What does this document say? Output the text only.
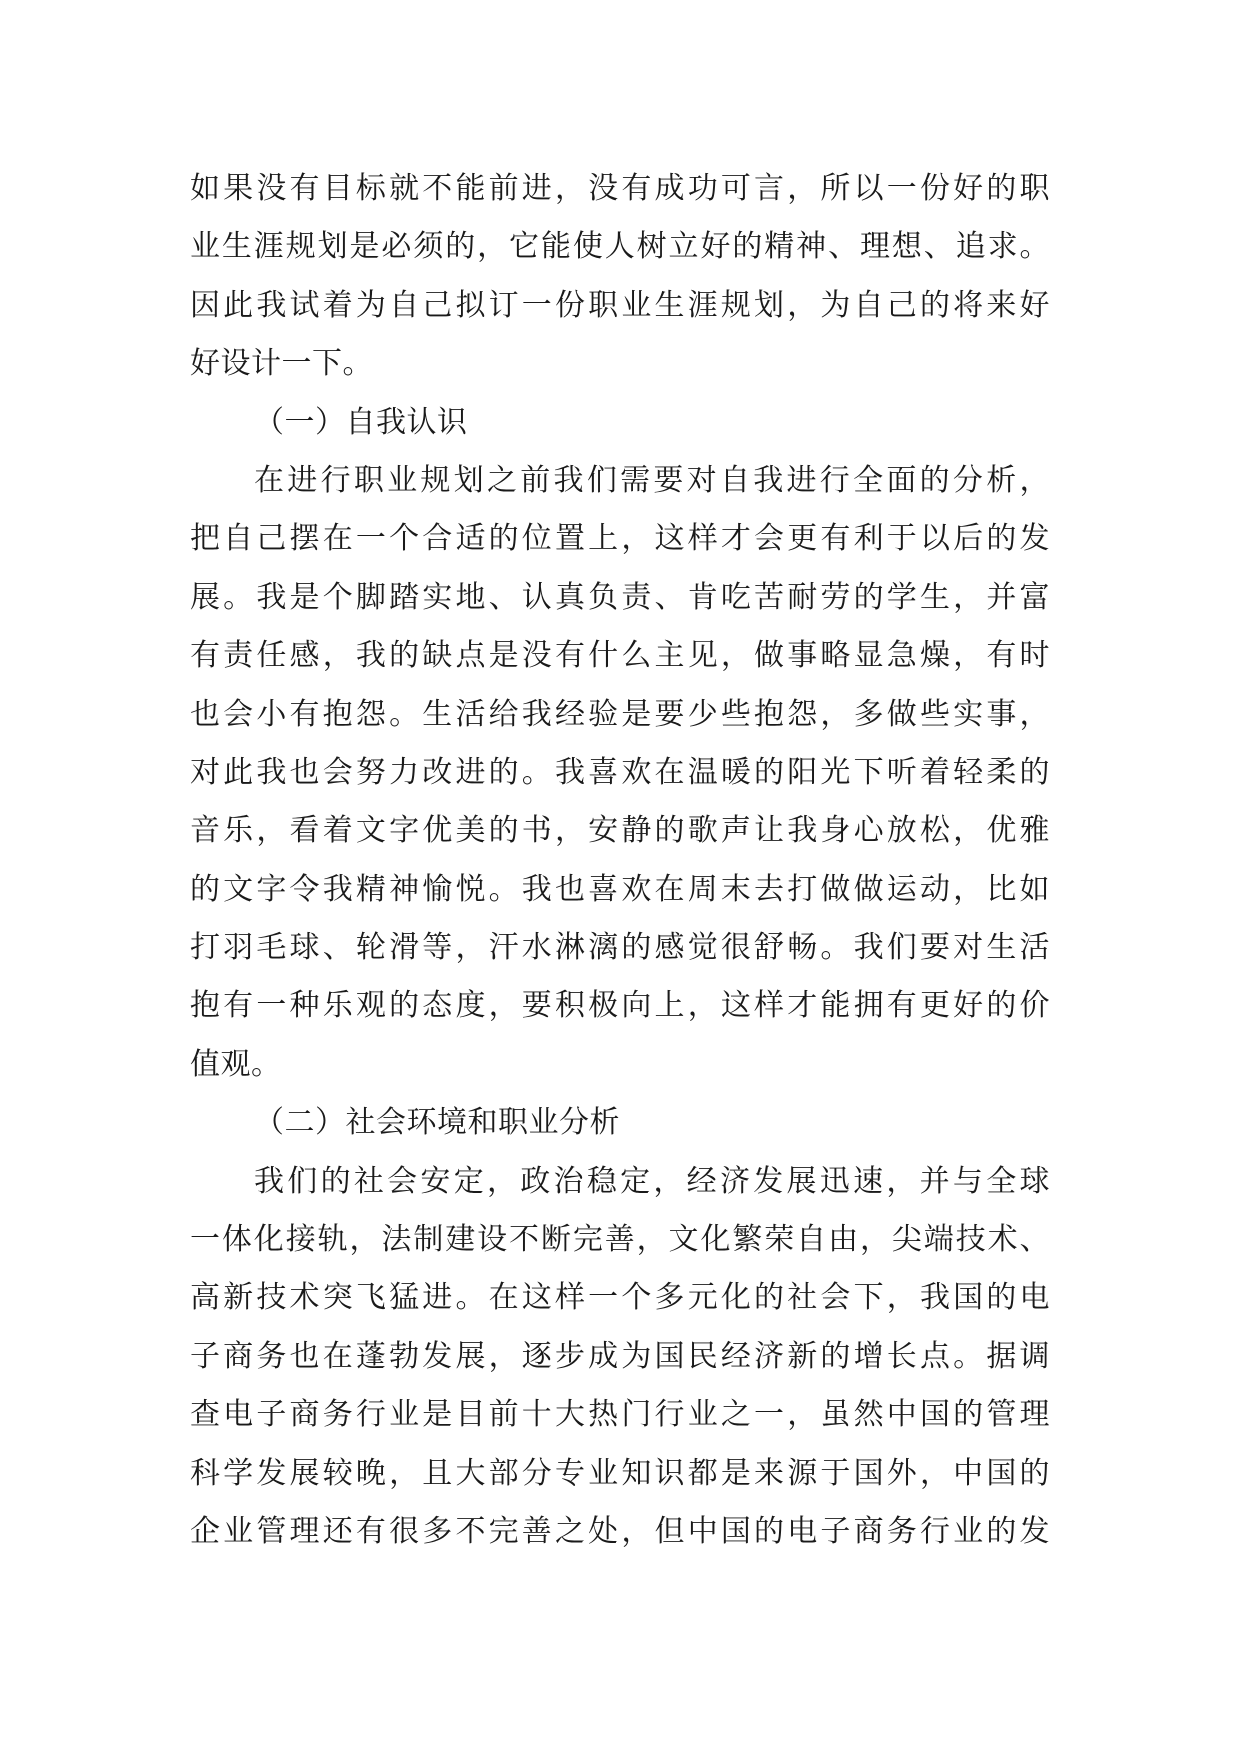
如果没有目标就不能前进，没有成功可言，所以一份好的职
业生涯规划是必须的，它能使人树立好的精神、理想、追求。
因此我试着为自己拟订一份职业生涯规划，为自己的将来好
好设计一下。
（一）自我认识
在进行职业规划之前我们需要对自我进行全面的分析，
把自己摆在一个合适的位置上，这样才会更有利于以后的发
展。我是个脚踏实地、认真负责、肯吃苦耐劳的学生，并富
有责任感，我的缺点是没有什么主见，做事略显急燥，有时
也会小有抱怨。生活给我经验是要少些抱怨，多做些实事，
对此我也会努力改进的。我喜欢在温暖的阳光下听着轻柔的
音乐，看着文字优美的书，安静的歌声让我身心放松，优雅
的文字令我精神愉悦。我也喜欢在周末去打做做运动，比如
打羽毛球、轮滑等，汗水淋漓的感觉很舒畅。我们要对生活
抱有一种乐观的态度，要积极向上，这样才能拥有更好的价
值观。
（二）社会环境和职业分析
我们的社会安定，政治稳定，经济发展迅速，并与全球
一体化接轨，法制建设不断完善，文化繁荣自由，尖端技术、
高新技术突飞猛进。在这样一个多元化的社会下，我国的电
子商务也在蓬勃发展，逐步成为国民经济新的增长点。据调
查电子商务行业是目前十大热门行业之一，虽然中国的管理
科学发展较晚，且大部分专业知识都是来源于国外，中国的
企业管理还有很多不完善之处，但中国的电子商务行业的发
